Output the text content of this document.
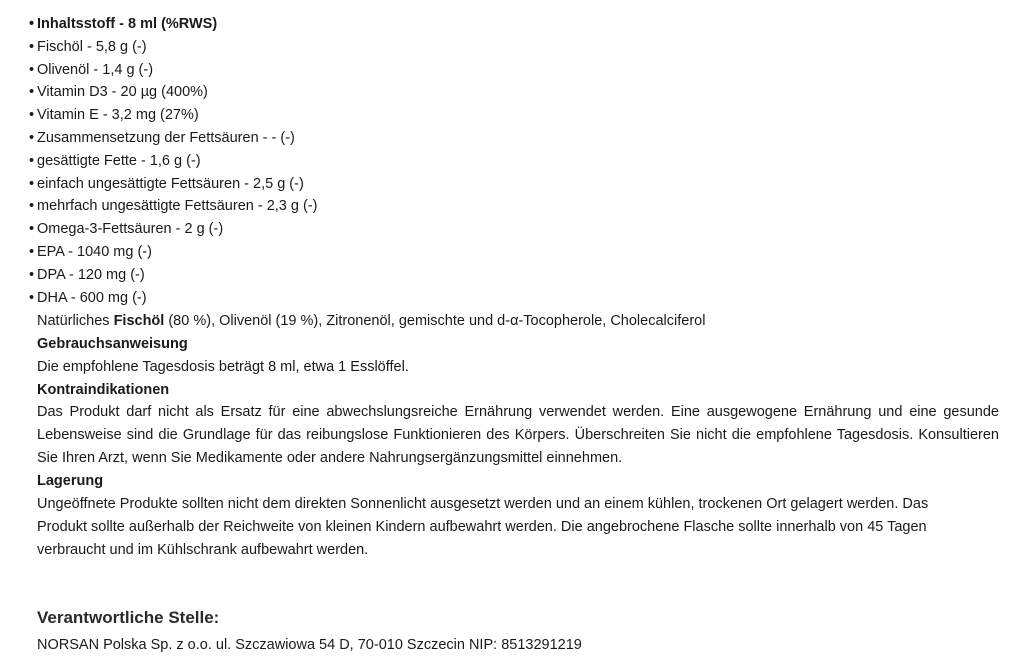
• Inhaltsstoff - 8 ml (%RWS)
• Fischöl - 5,8 g (-)
• Olivenöl - 1,4 g (-)
• Vitamin D3 - 20 µg (400%)
• Vitamin E - 3,2 mg (27%)
• Zusammensetzung der Fettsäuren - - (-)
• gesättigte Fette - 1,6 g (-)
• einfach ungesättigte Fettsäuren - 2,5 g (-)
• mehrfach ungesättigte Fettsäuren - 2,3 g (-)
• Omega-3-Fettsäuren - 2 g (-)
• EPA - 1040 mg (-)
• DPA - 120 mg (-)
• DHA - 600 mg (-)
Natürliches Fischöl (80 %), Olivenöl (19 %), Zitronenöl, gemischte und d-α-Tocopherole, Cholecalciferol
Gebrauchsanweisung
Die empfohlene Tagesdosis beträgt 8 ml, etwa 1 Esslöffel.
Kontraindikationen
Das Produkt darf nicht als Ersatz für eine abwechslungsreiche Ernährung verwendet werden. Eine ausgewogene Ernährung und eine gesunde Lebensweise sind die Grundlage für das reibungslose Funktionieren des Körpers. Überschreiten Sie nicht die empfohlene Tagesdosis. Konsultieren Sie Ihren Arzt, wenn Sie Medikamente oder andere Nahrungsergänzungsmittel einnehmen.
Lagerung
Ungeöffnete Produkte sollten nicht dem direkten Sonnenlicht ausgesetzt werden und an einem kühlen, trockenen Ort gelagert werden. Das Produkt sollte außerhalb der Reichweite von kleinen Kindern aufbewahrt werden. Die angebrochene Flasche sollte innerhalb von 45 Tagen verbraucht und im Kühlschrank aufbewahrt werden.
Verantwortliche Stelle:
NORSAN Polska Sp. z o.o. ul. Szczawiowa 54 D, 70-010 Szczecin NIP: 8513291219
